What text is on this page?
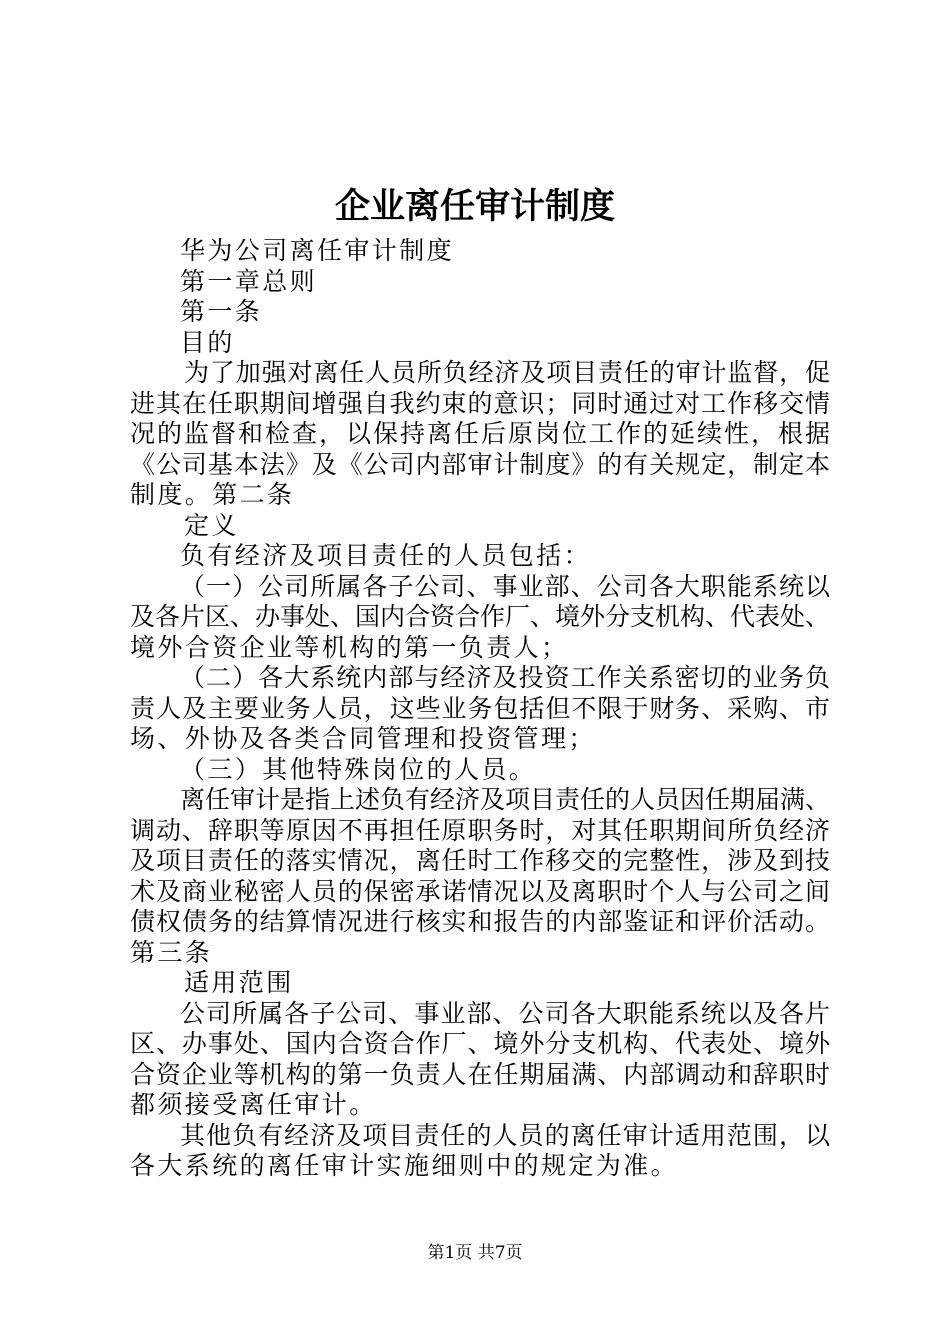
企业离任审计制度

华为公司离任审计制度

第一章总则

第一条

目的

为了加强对离任人员所负经济及项目责任的审计监督，促

进其在任职期间增强自我约束的意识；同时通过对工作移交情

况的监督和检查，以保持离任后原岗位工作的延续性，根据

《公司基本法》及《公司内部审计制度》的有关规定，制定本

制度。第二条

定义

负有经济及项目责任的人员包括：

（一）公司所属各子公司、事业部、公司各大职能系统以

及各片区、办事处、国内合资合作厂、境外分支机构、代表处、

境外合资企业等机构的第一负责人；

（二）各大系统内部与经济及投资工作关系密切的业务负

责人及主要业务人员，这些业务包括但不限于财务、采购、市

场、外协及各类合同管理和投资管理；

（三）其他特殊岗位的人员。

离任审计是指上述负有经济及项目责任的人员因任期届满、

调动、辞职等原因不再担任原职务时，对其任职期间所负经济

及项目责任的落实情况，离任时工作移交的完整性，涉及到技

术及商业秘密人员的保密承诺情况以及离职时个人与公司之间

债权债务的结算情况进行核实和报告的内部鉴证和评价活动。

第三条

适用范围

公司所属各子公司、事业部、公司各大职能系统以及各片

区、办事处、国内合资合作厂、境外分支机构、代表处、境外

合资企业等机构的第一负责人在任期届满、内部调动和辞职时

都须接受离任审计。

其他负有经济及项目责任的人员的离任审计适用范围，以

各大系统的离任审计实施细则中的规定为准。

第1页 共7页
